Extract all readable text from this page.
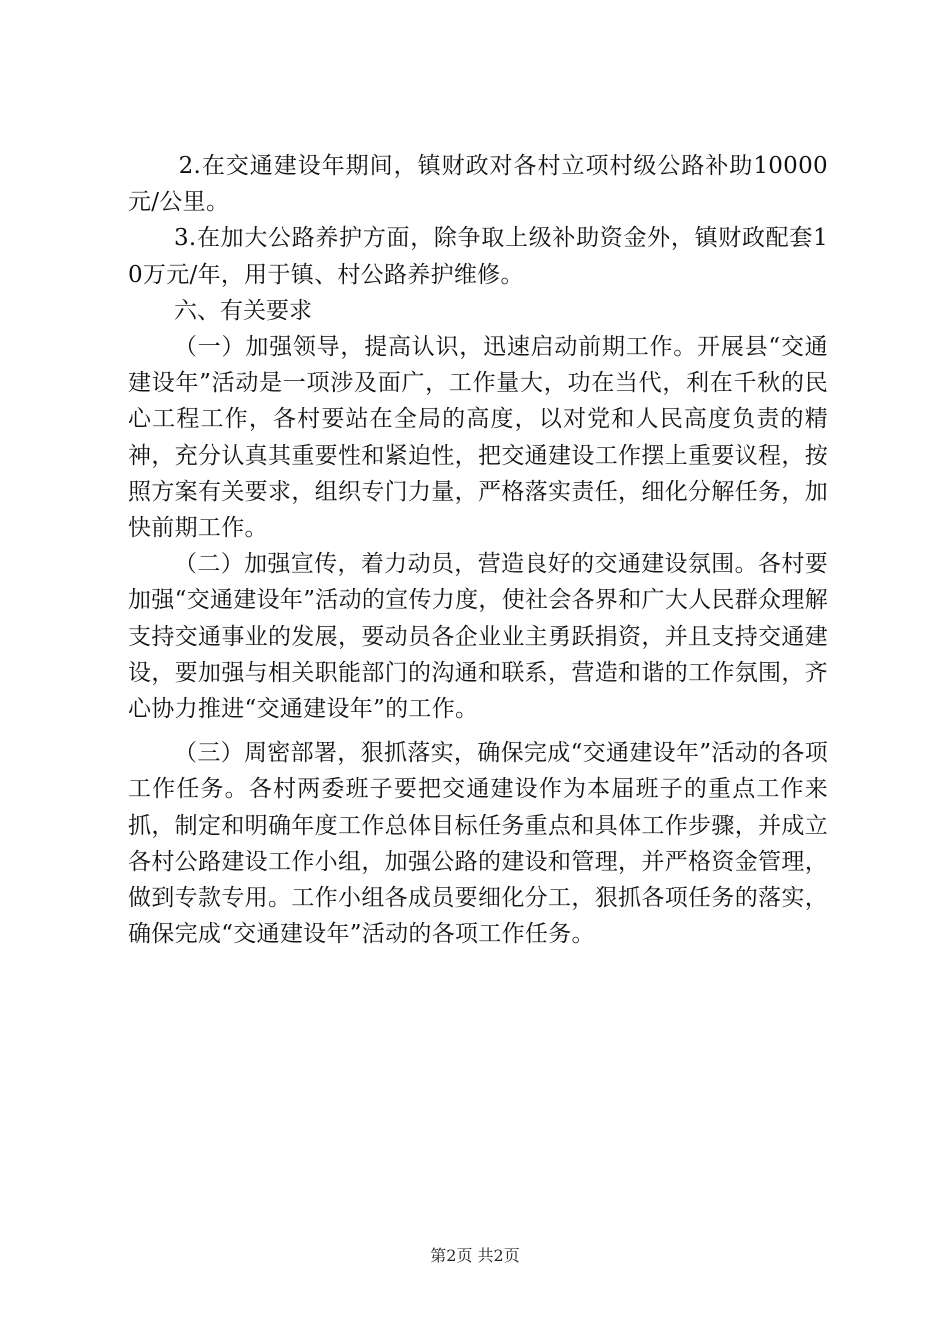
2.在交通建设年期间，镇财政对各村立项村级公路补助10000元/公里。

3.在加大公路养护方面，除争取上级补助资金外，镇财政配套10万元/年，用于镇、村公路养护维修。

六、有关要求

（一）加强领导，提高认识，迅速启动前期工作。开展县“交通建设年”活动是一项涉及面广，工作量大，功在当代，利在千秋的民心工程工作，各村要站在全局的高度，以对党和人民高度负责的精神，充分认真其重要性和紧迫性，把交通建设工作摆上重要议程，按照方案有关要求，组织专门力量，严格落实责任，细化分解任务，加快前期工作。

（二）加强宣传，着力动员，营造良好的交通建设氛围。各村要加强“交通建设年”活动的宣传力度，使社会各界和广大人民群众理解支持交通事业的发展，要动员各企业业主勇跃捐资，并且支持交通建设，要加强与相关职能部门的沟通和联系，营造和谐的工作氛围，齐心协力推进“交通建设年”的工作。

（三）周密部署，狠抓落实，确保完成“交通建设年”活动的各项工作任务。各村两委班子要把交通建设作为本届班子的重点工作来抓，制定和明确年度工作总体目标任务重点和具体工作步骤，并成立各村公路建设工作小组，加强公路的建设和管理，并严格资金管理，做到专款专用。工作小组各成员要细化分工，狠抓各项任务的落实，确保完成“交通建设年”活动的各项工作任务。

第2页 共2页
